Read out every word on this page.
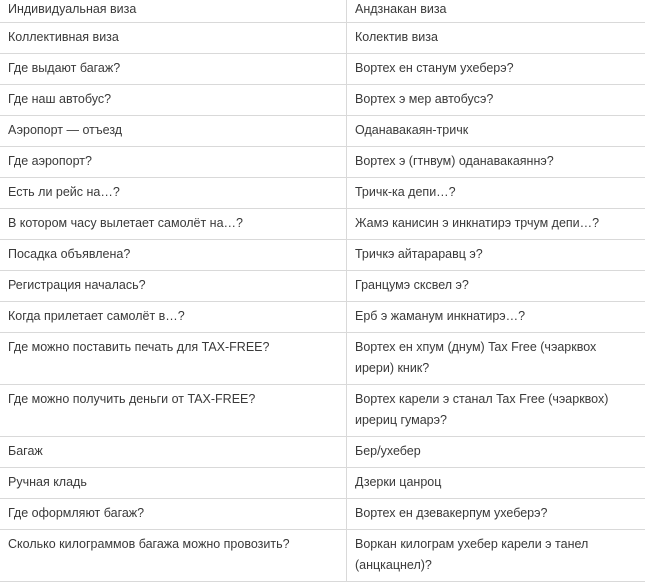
Индивидуальная виза	Андзнакан виза
Коллективная виза	Колектив виза
Где выдают багаж?	Вортех ен станум ухеберэ?
Где наш автобус?	Вортех э мер автобусэ?
Аэропорт — отъезд	Оданавакаян-тричк
Где аэропорт?	Вортех э (гтнвум) оданавакаяннэ?
Есть ли рейс на…?	Тричк-ка депи…?
В котором часу вылетает самолёт на…?	Жамэ канисин э инкнатирэ трчум депи…?
Посадка объявлена?	Тричкэ айтараравц э?
Регистрация началась?	Гранцумэ сксвел э?
Когда прилетает самолёт в…?	Ерб э жаманум инкнатирэ…?
Где можно поставить печать для TAX-FREE?	Вортех ен хпум (днум) Tax Free (чэарквох ирери) кник?
Где можно получить деньги от TAX-FREE?	Вортех карели э станал Tax Free (чэарквох) ирериц гумарэ?
Багаж	Бер/ухебер
Ручная кладь	Дзерки цанроц
Где оформляют багаж?	Вортех ен дзевакерпум ухеберэ?
Сколько килограммов багажа можно провозить?	Воркан килограм ухебер карели э танел (анцкацнел)?
